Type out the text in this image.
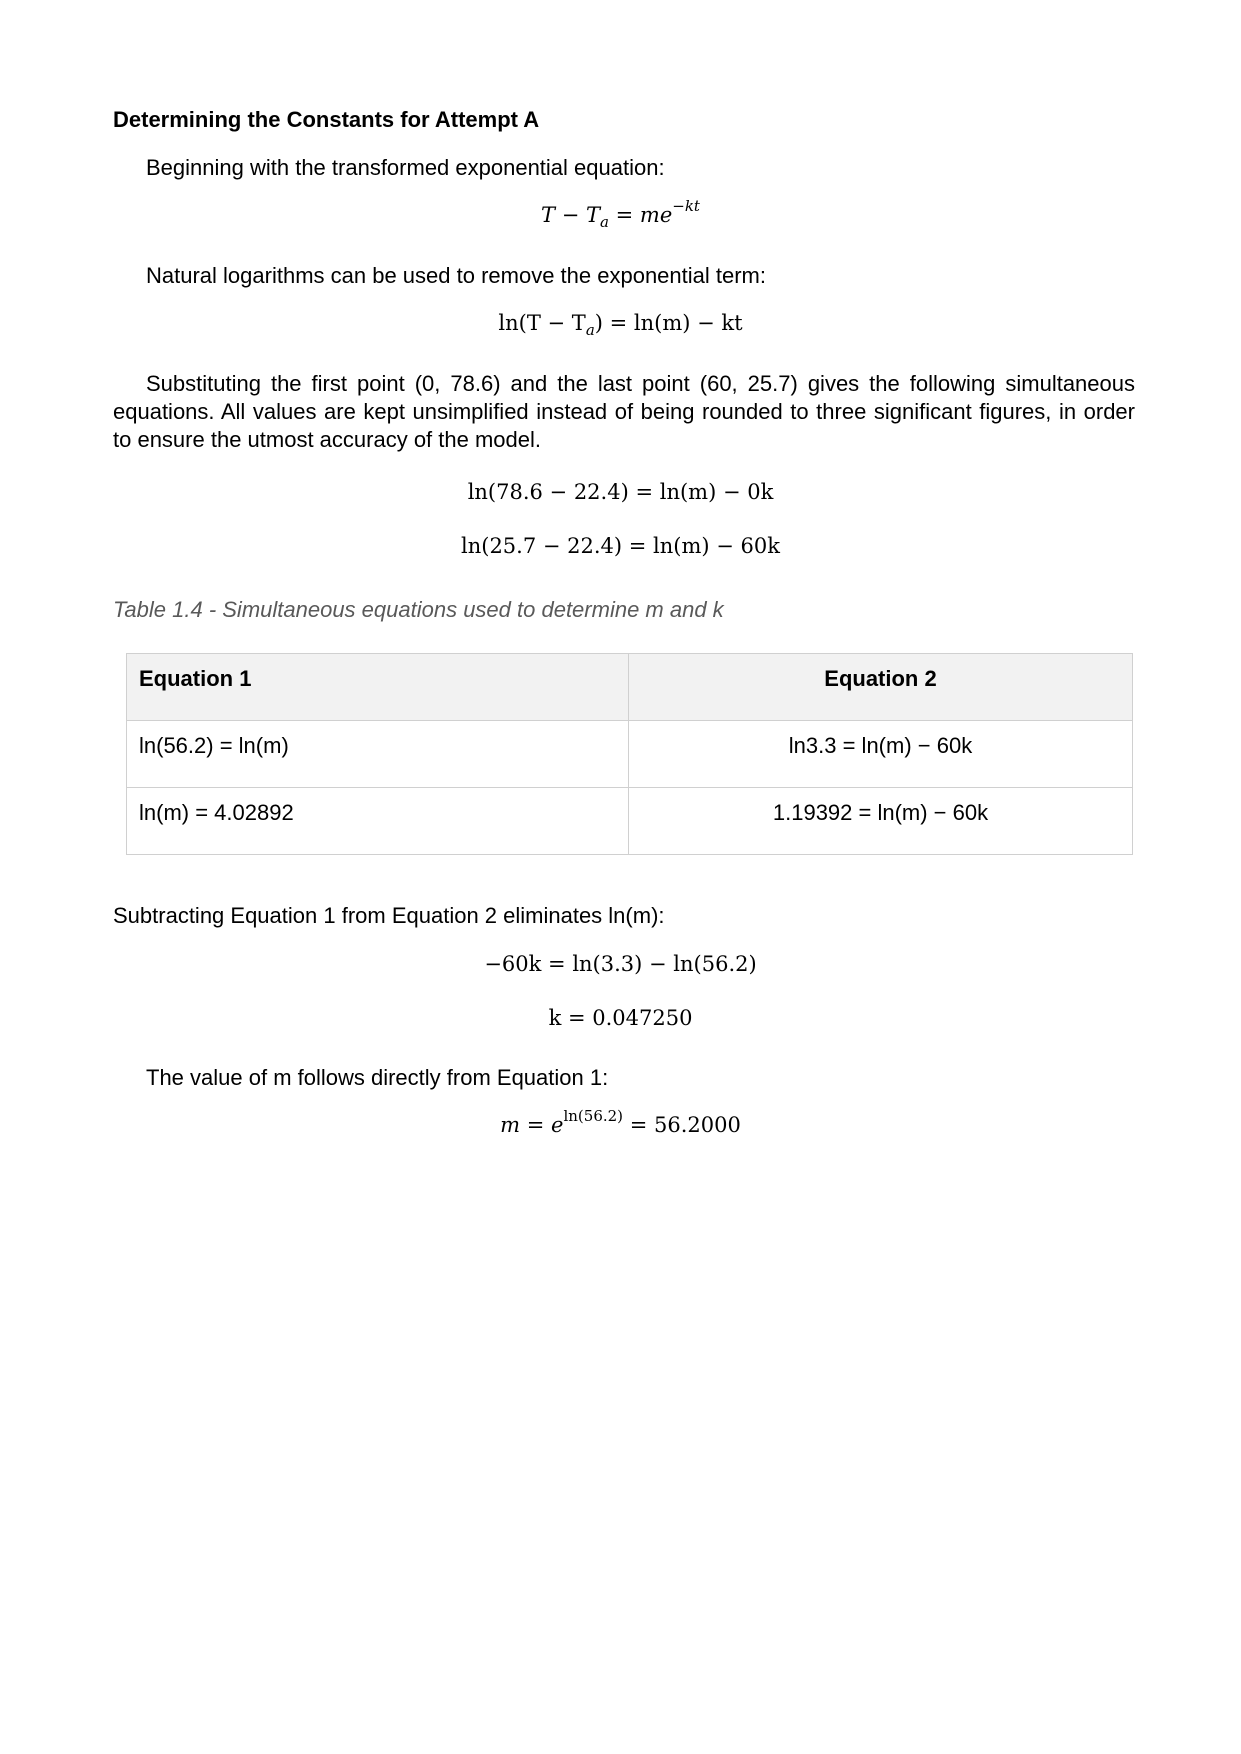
Determining the Constants for Attempt A
Beginning with the transformed exponential equation:
$T - T_a = me^{-kt}$
Natural logarithms can be used to remove the exponential term:
$\ln(T - T_a) = \ln(m)$ − kt
Substituting the first point (0, 78.6) and the last point (60, 25.7) gives the following simultaneous equations. All values are kept unsimplified instead of being rounded to three significant figures, in order to ensure the utmost accuracy of the model.
ln(78.6 − 22.4) = ln(m) − 0k
ln(25.7 − 22.4) = ln(m) − 60k
Table 1.4 - Simultaneous equations used to determine m and k
Equation 1	Equation 2
ln(56.2) = ln(m)	ln3.3 = ln(m) − 60k
ln(m) = 4.02892	1.19392 = ln(m) − 60k
Subtracting Equation 1 from Equation 2 eliminates ln(m):
−60k = ln(3.3) − ln(56.2)
k = 0.047250
The value of m follows directly from Equation 1:
$m = e^{ln(56.2)} = 56.2000$
